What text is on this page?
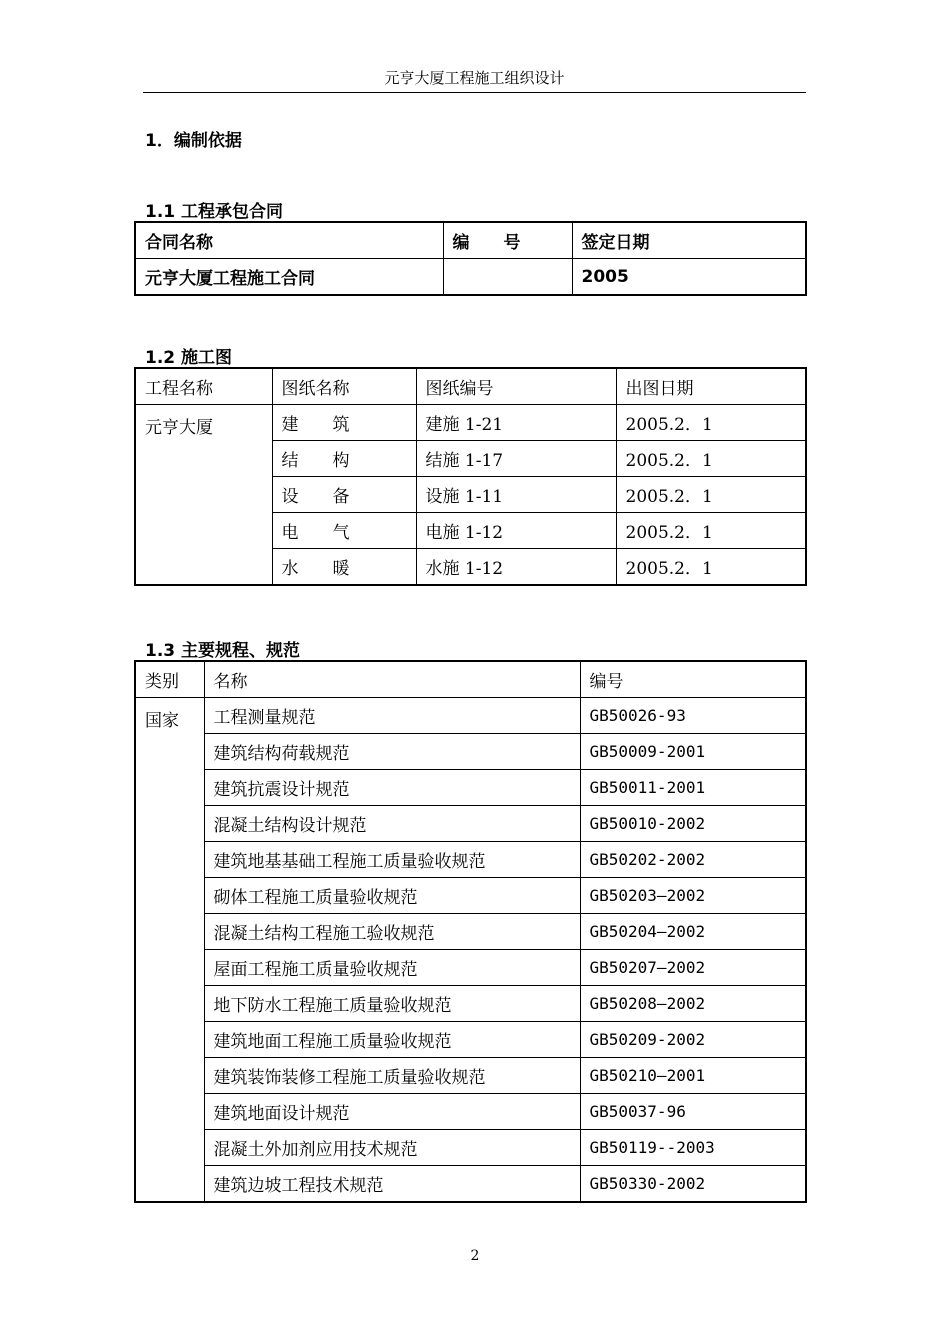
元亨大厦工程施工组织设计
1．编制依据
1.1 工程承包合同
合同名称	编　　号	签定日期
元亨大厦工程施工合同		2005
1.2 施工图
工程名称	图纸名称	图纸编号	出图日期
元亨大厦	建　　筑	建施 1-21	2005.2．1
	结　　构	结施 1-17	2005.2．1
	设　　备	设施 1-11	2005.2．1
	电　　气	电施 1-12	2005.2．1
	水　　暖	水施 1-12	2005.2．1
1.3 主要规程、规范
类别	名称	编号
国家	工程测量规范	GB50026-93
	建筑结构荷载规范	GB50009-2001
	建筑抗震设计规范	GB50011-2001
	混凝土结构设计规范	GB50010-2002
	建筑地基基础工程施工质量验收规范	GB50202-2002
	砌体工程施工质量验收规范	GB50203—2002
	混凝土结构工程施工验收规范	GB50204—2002
	屋面工程施工质量验收规范	GB50207—2002
	地下防水工程施工质量验收规范	GB50208—2002
	建筑地面工程施工质量验收规范	GB50209-2002
	建筑装饰装修工程施工质量验收规范	GB50210—2001
	建筑地面设计规范	GB50037-96
	混凝土外加剂应用技术规范	GB50119--2003
	建筑边坡工程技术规范	GB50330-2002
2
